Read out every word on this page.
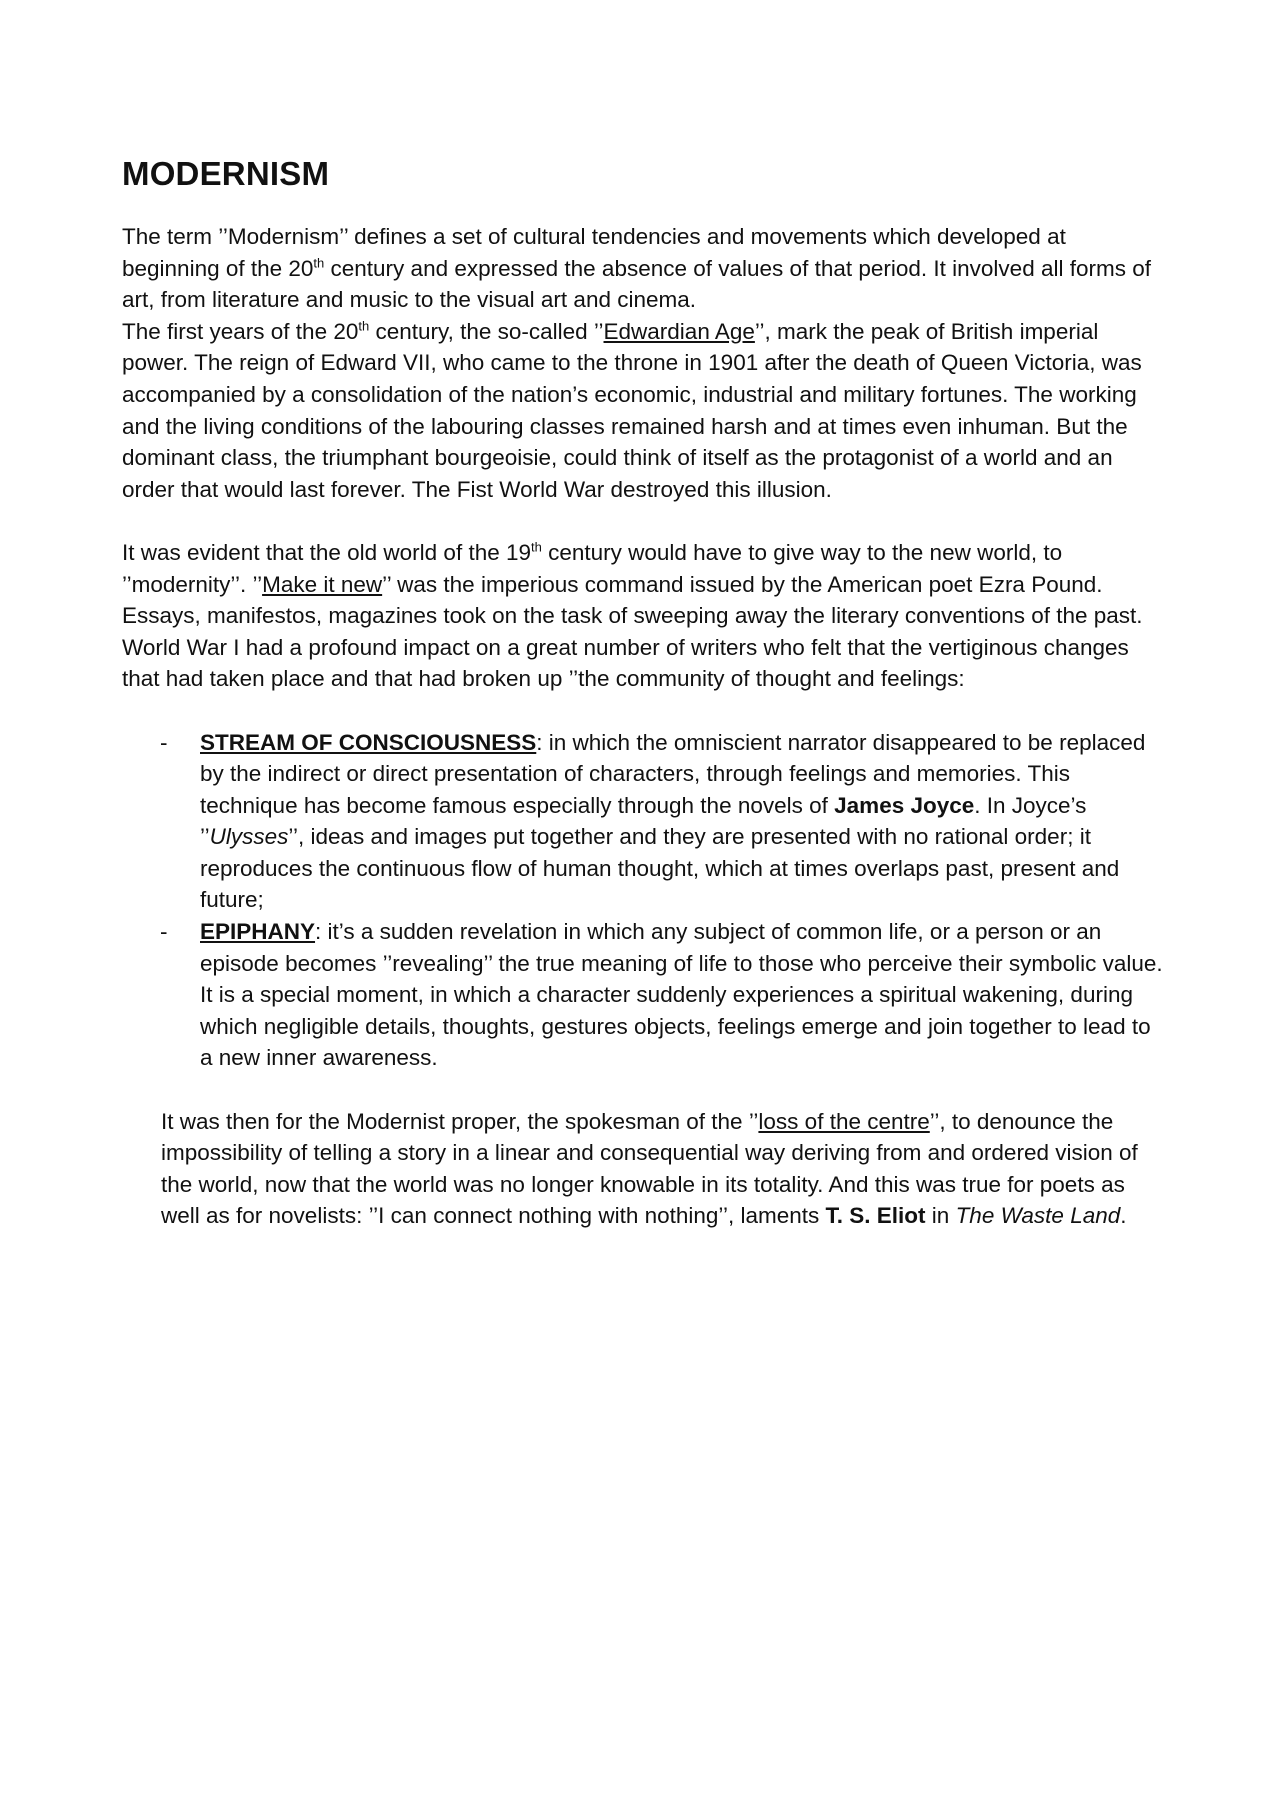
MODERNISM

The term ’’Modernism’’ defines a set of cultural tendencies and movements which developed at beginning of the 20th century and expressed the absence of values of that period. It involved all forms of art, from literature and music to the visual art and cinema.

The first years of the 20th century, the so-called ’’Edwardian Age’’, mark the peak of British imperial power. The reign of Edward VII, who came to the throne in 1901 after the death of Queen Victoria, was accompanied by a consolidation of the nation’s economic, industrial and military fortunes. The working and the living conditions of the labouring classes remained harsh and at times even inhuman. But the dominant class, the triumphant bourgeoisie, could think of itself as the protagonist of a world and an order that would last forever. The Fist World War destroyed this illusion.

It was evident that the old world of the 19th century would have to give way to the new world, to ’’modernity’’. ’’Make it new’’ was the imperious command issued by the American poet Ezra Pound. Essays, manifestos, magazines took on the task of sweeping away the literary conventions of the past.

World War I had a profound impact on a great number of writers who felt that the vertiginous changes that had taken place and that had broken up ’’the community of thought and feelings:

- STREAM OF CONSCIOUSNESS: in which the omniscient narrator disappeared to be replaced by the indirect or direct presentation of characters, through feelings and memories. This technique has become famous especially through the novels of James Joyce. In Joyce’s ’’Ulysses’’, ideas and images put together and they are presented with no rational order; it reproduces the continuous flow of human thought, which at times overlaps past, present and future;
- EPIPHANY: it’s a sudden revelation in which any subject of common life, or a person or an episode becomes ’’revealing’’ the true meaning of life to those who perceive their symbolic value. It is a special moment, in which a character suddenly experiences a spiritual wakening, during which negligible details, thoughts, gestures objects, feelings emerge and join together to lead to a new inner awareness.

It was then for the Modernist proper, the spokesman of the ’’loss of the centre’’, to denounce the impossibility of telling a story in a linear and consequential way deriving from and ordered vision of the world, now that the world was no longer knowable in its totality. And this was true for poets as well as for novelists: ’’I can connect nothing with nothing’’, laments T. S. Eliot in The Waste Land.
